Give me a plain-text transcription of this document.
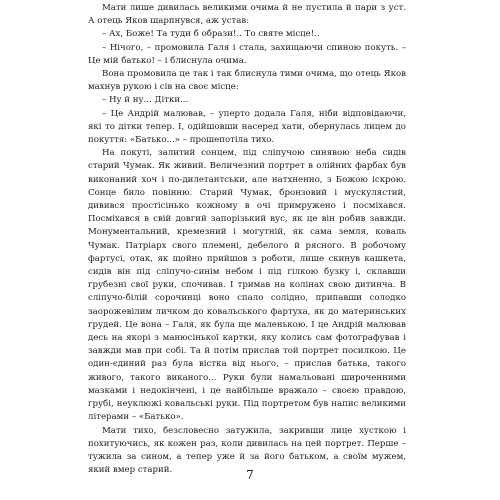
Мати лише дивилась великими очима й не пустила й пари з уст. А отець Яков шарпнувся, аж устав:

– Ах, Боже! Та туди б образи!.. То святе місце!..

– Нічого, – промовила Галя і стала, захищаючи спиною покуть. – Це мій батько! – і блиснула очима.

Вона промовила це так і так блиснула тими очима, що отець Яков махнув рукою і сів на своє місце:

– Ну й ну... Дітки...

– Це Андрій малював, – уперто додала Галя, ніби відповідаючи, які то дітки тепер. І, одійшовши насеред хати, обернулась лицем до покуття: «Батько...» – прошепотіла тихо.

На покуті, залитий сонцем, під сліпучою синявою неба сидів старий Чумак. Як живий. Величезний портрет в олійних фарбах був виконаний хоч і по-дилетантськи, але натхненно, з Божою іскрою. Сонце било повінню. Старий Чумак, бронзовий і мускулястий, дивився простісінько кожному в очі примружено і посміхався. Посміхався в свій довгий запорізький вус, як це він робив завжди. Монументальний, кремезний і могутній, як сама земля, коваль Чумак. Патріарх свого племені, дебелого й рясного. В робочому фартусі, отак, як щойно прийшов з роботи, лише скинув кашкета, сидів він під сліпучо-синім небом і під гілкою бузку і, склавши грубезні свої руки, спочивав. І тримав на колінах свою дитинча. В сліпучо-білій сорочинці воно спало солідно, припавши солодко заорожевілим личком до ковальського фартуха, як до материнських грудей. Це вона – Галя, як була ще маленькою. І це Андрій малював десь на якорі з манюсінької картки, яку колись сам фотографував і завжди мав при собі. Та й потім прислав той портрет посилкою. Це один-єдиний раз була вістка від нього, – прислав батька, такого живого, такого виканого... Руки були намальовані широченними мазками і недокінчені, і це найбільше вражало – своєю правдою, грубі, неуклюжі ковальські руки. Під портретом був напис великими літерами – «Батько».

Мати тихо, безсловесно затужила, закривши лице хусткою і похитуючись, як кожен раз, коли дивилась на цей портрет. Перше – тужила за сином, а тепер уже й за його батьком, а своїм мужем, який вмер старий.	7
